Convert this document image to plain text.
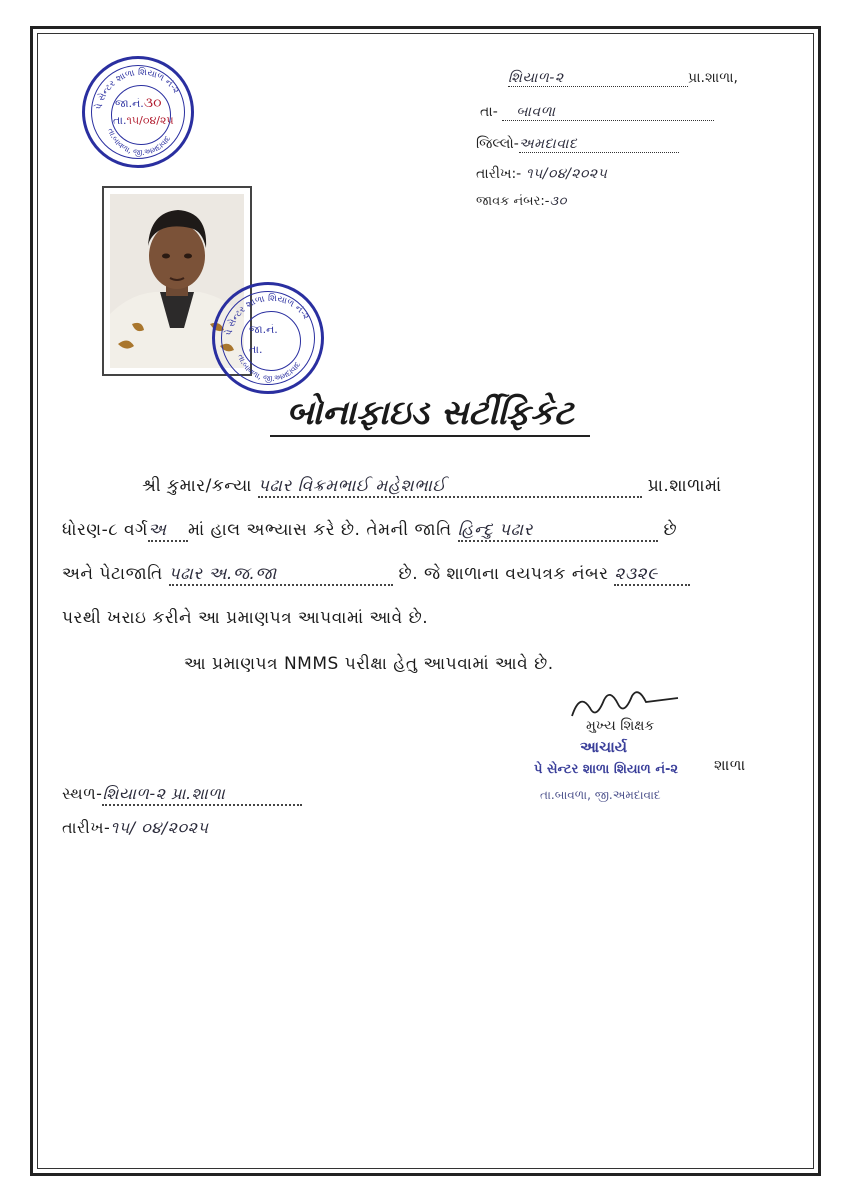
પે સેન્ટર શાળા શિયાળ નં-૨
તા.બાવળા, જી.અમદાવાદ
જા.નં.૩૦
તા.૧૫/૦૪/૨૫
શિયાળ-૨	પ્રા.શાળા,
તા- બાવળા
જિલ્લો-અમદાવાદ
તારીખ:- ૧૫/૦૪/૨૦૨૫
જાવક નંબર:-૩૦
પે સેન્ટર શાળા શિયાળ નં-૨
તા.બાવળા, જી.અમદાવાદ
જા.નં.
તા.
બોનાફાઇડ સર્ટીફિકેટ
શ્રી કુમાર/કન્યા પઢાર વિક્રમભાઈ મહેશભાઈ	પ્રા.શાળામાં
ધોરણ-૮ વર્ગઅ માં હાલ અભ્યાસ કરે છે. તેમની જાતિ હિન્દુ પઢાર	છે
અને પેટાજાતિ પઢાર અ.જ.જા	છે. જે શાળાના વયપત્રક નંબર ૨૩૨૯
પરથી ખરાઇ કરીને આ પ્રમાણપત્ર આપવામાં આવે છે.
આ પ્રમાણપત્ર NMMS પરીક્ષા હેતુ આપવામાં આવે છે.
મુખ્ય શિક્ષક
આચાર્ય
પે સેન્ટર શાળા શિયાળ નં-૨ શાળા
તા.બાવળા, જી.અમદાવાદ
સ્થળ-શિયાળ-૨ પ્રા.શાળા
તારીખ-૧૫/ ૦૪/૨૦૨૫
